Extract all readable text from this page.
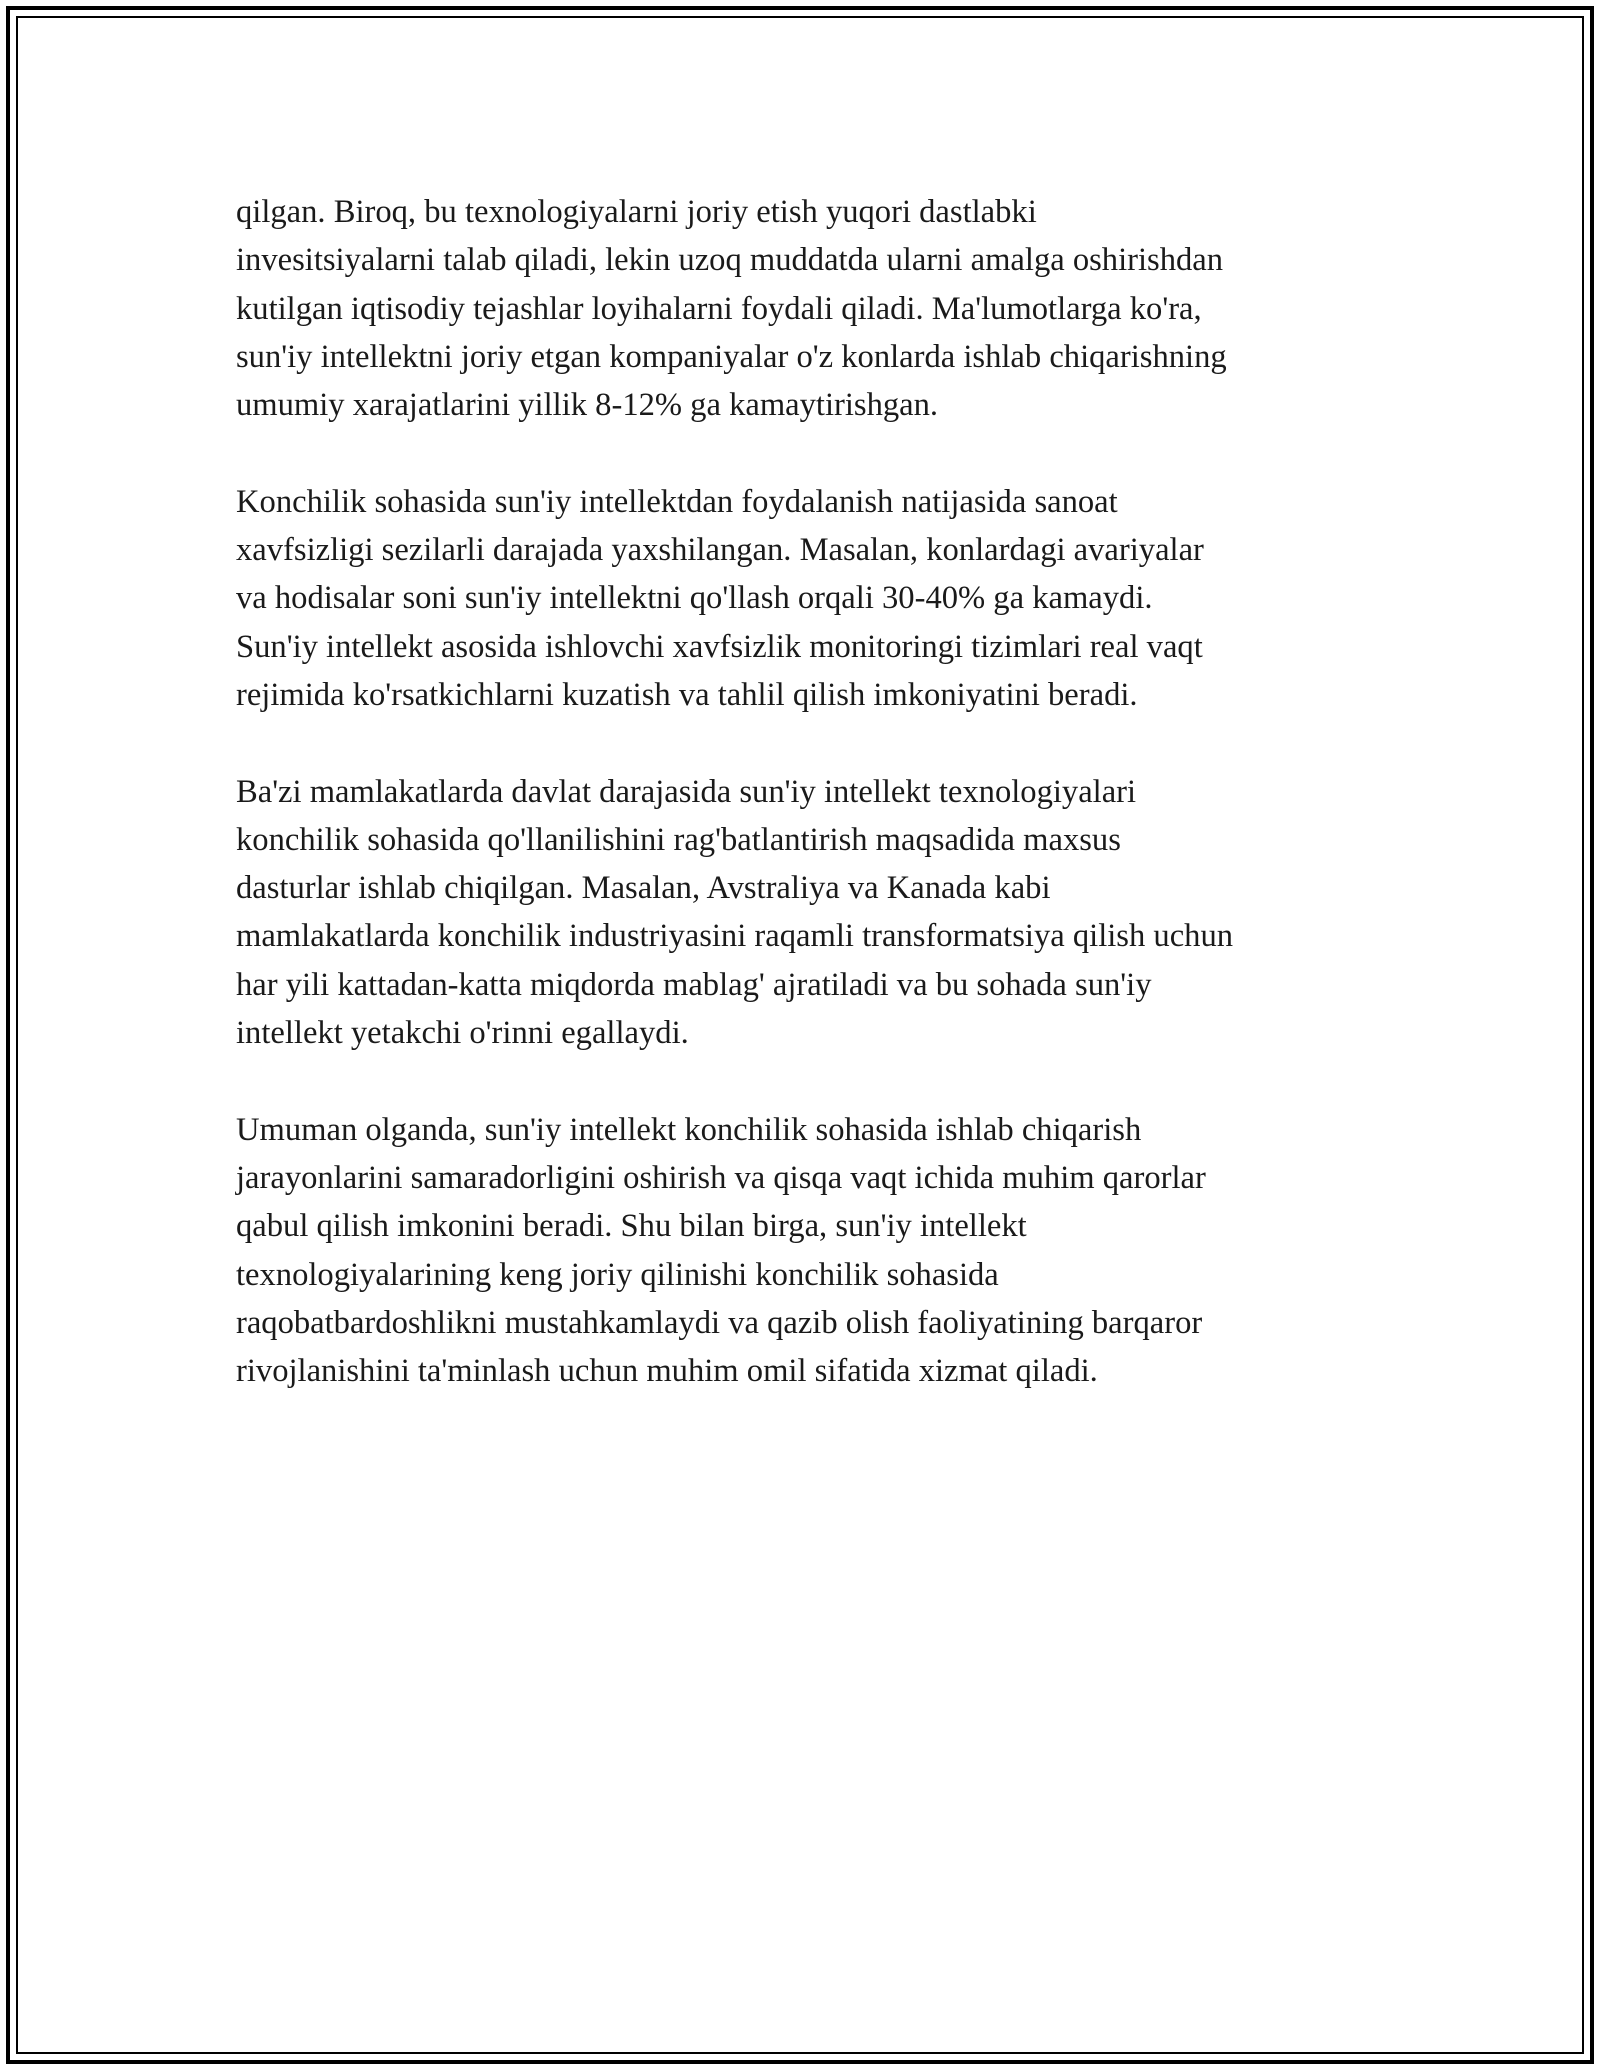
qilgan. Biroq, bu texnologiyalarni joriy etish yuqori dastlabki
invesitsiyalarni talab qiladi, lekin uzoq muddatda ularni amalga oshirishdan
kutilgan iqtisodiy tejashlar loyihalarni foydali qiladi. Ma'lumotlarga ko'ra,
sun'iy intellektni joriy etgan kompaniyalar o'z konlarda ishlab chiqarishning
umumiy xarajatlarini yillik 8-12% ga kamaytirishgan.

Konchilik sohasida sun'iy intellektdan foydalanish natijasida sanoat
xavfsizligi sezilarli darajada yaxshilangan. Masalan, konlardagi avariyalar
va hodisalar soni sun'iy intellektni qo'llash orqali 30-40% ga kamaydi.
Sun'iy intellekt asosida ishlovchi xavfsizlik monitoringi tizimlari real vaqt
rejimida ko'rsatkichlarni kuzatish va tahlil qilish imkoniyatini beradi.

Ba'zi mamlakatlarda davlat darajasida sun'iy intellekt texnologiyalari
konchilik sohasida qo'llanilishini rag'batlantirish maqsadida maxsus
dasturlar ishlab chiqilgan. Masalan, Avstraliya va Kanada kabi
mamlakatlarda konchilik industriyasini raqamli transformatsiya qilish uchun
har yili kattadan-katta miqdorda mablag' ajratiladi va bu sohada sun'iy
intellekt yetakchi o'rinni egallaydi.

Umuman olganda, sun'iy intellekt konchilik sohasida ishlab chiqarish
jarayonlarini samaradorligini oshirish va qisqa vaqt ichida muhim qarorlar
qabul qilish imkonini beradi. Shu bilan birga, sun'iy intellekt
texnologiyalarining keng joriy qilinishi konchilik sohasida
raqobatbardoshlikni mustahkamlaydi va qazib olish faoliyatining barqaror
rivojlanishini ta'minlash uchun muhim omil sifatida xizmat qiladi.
